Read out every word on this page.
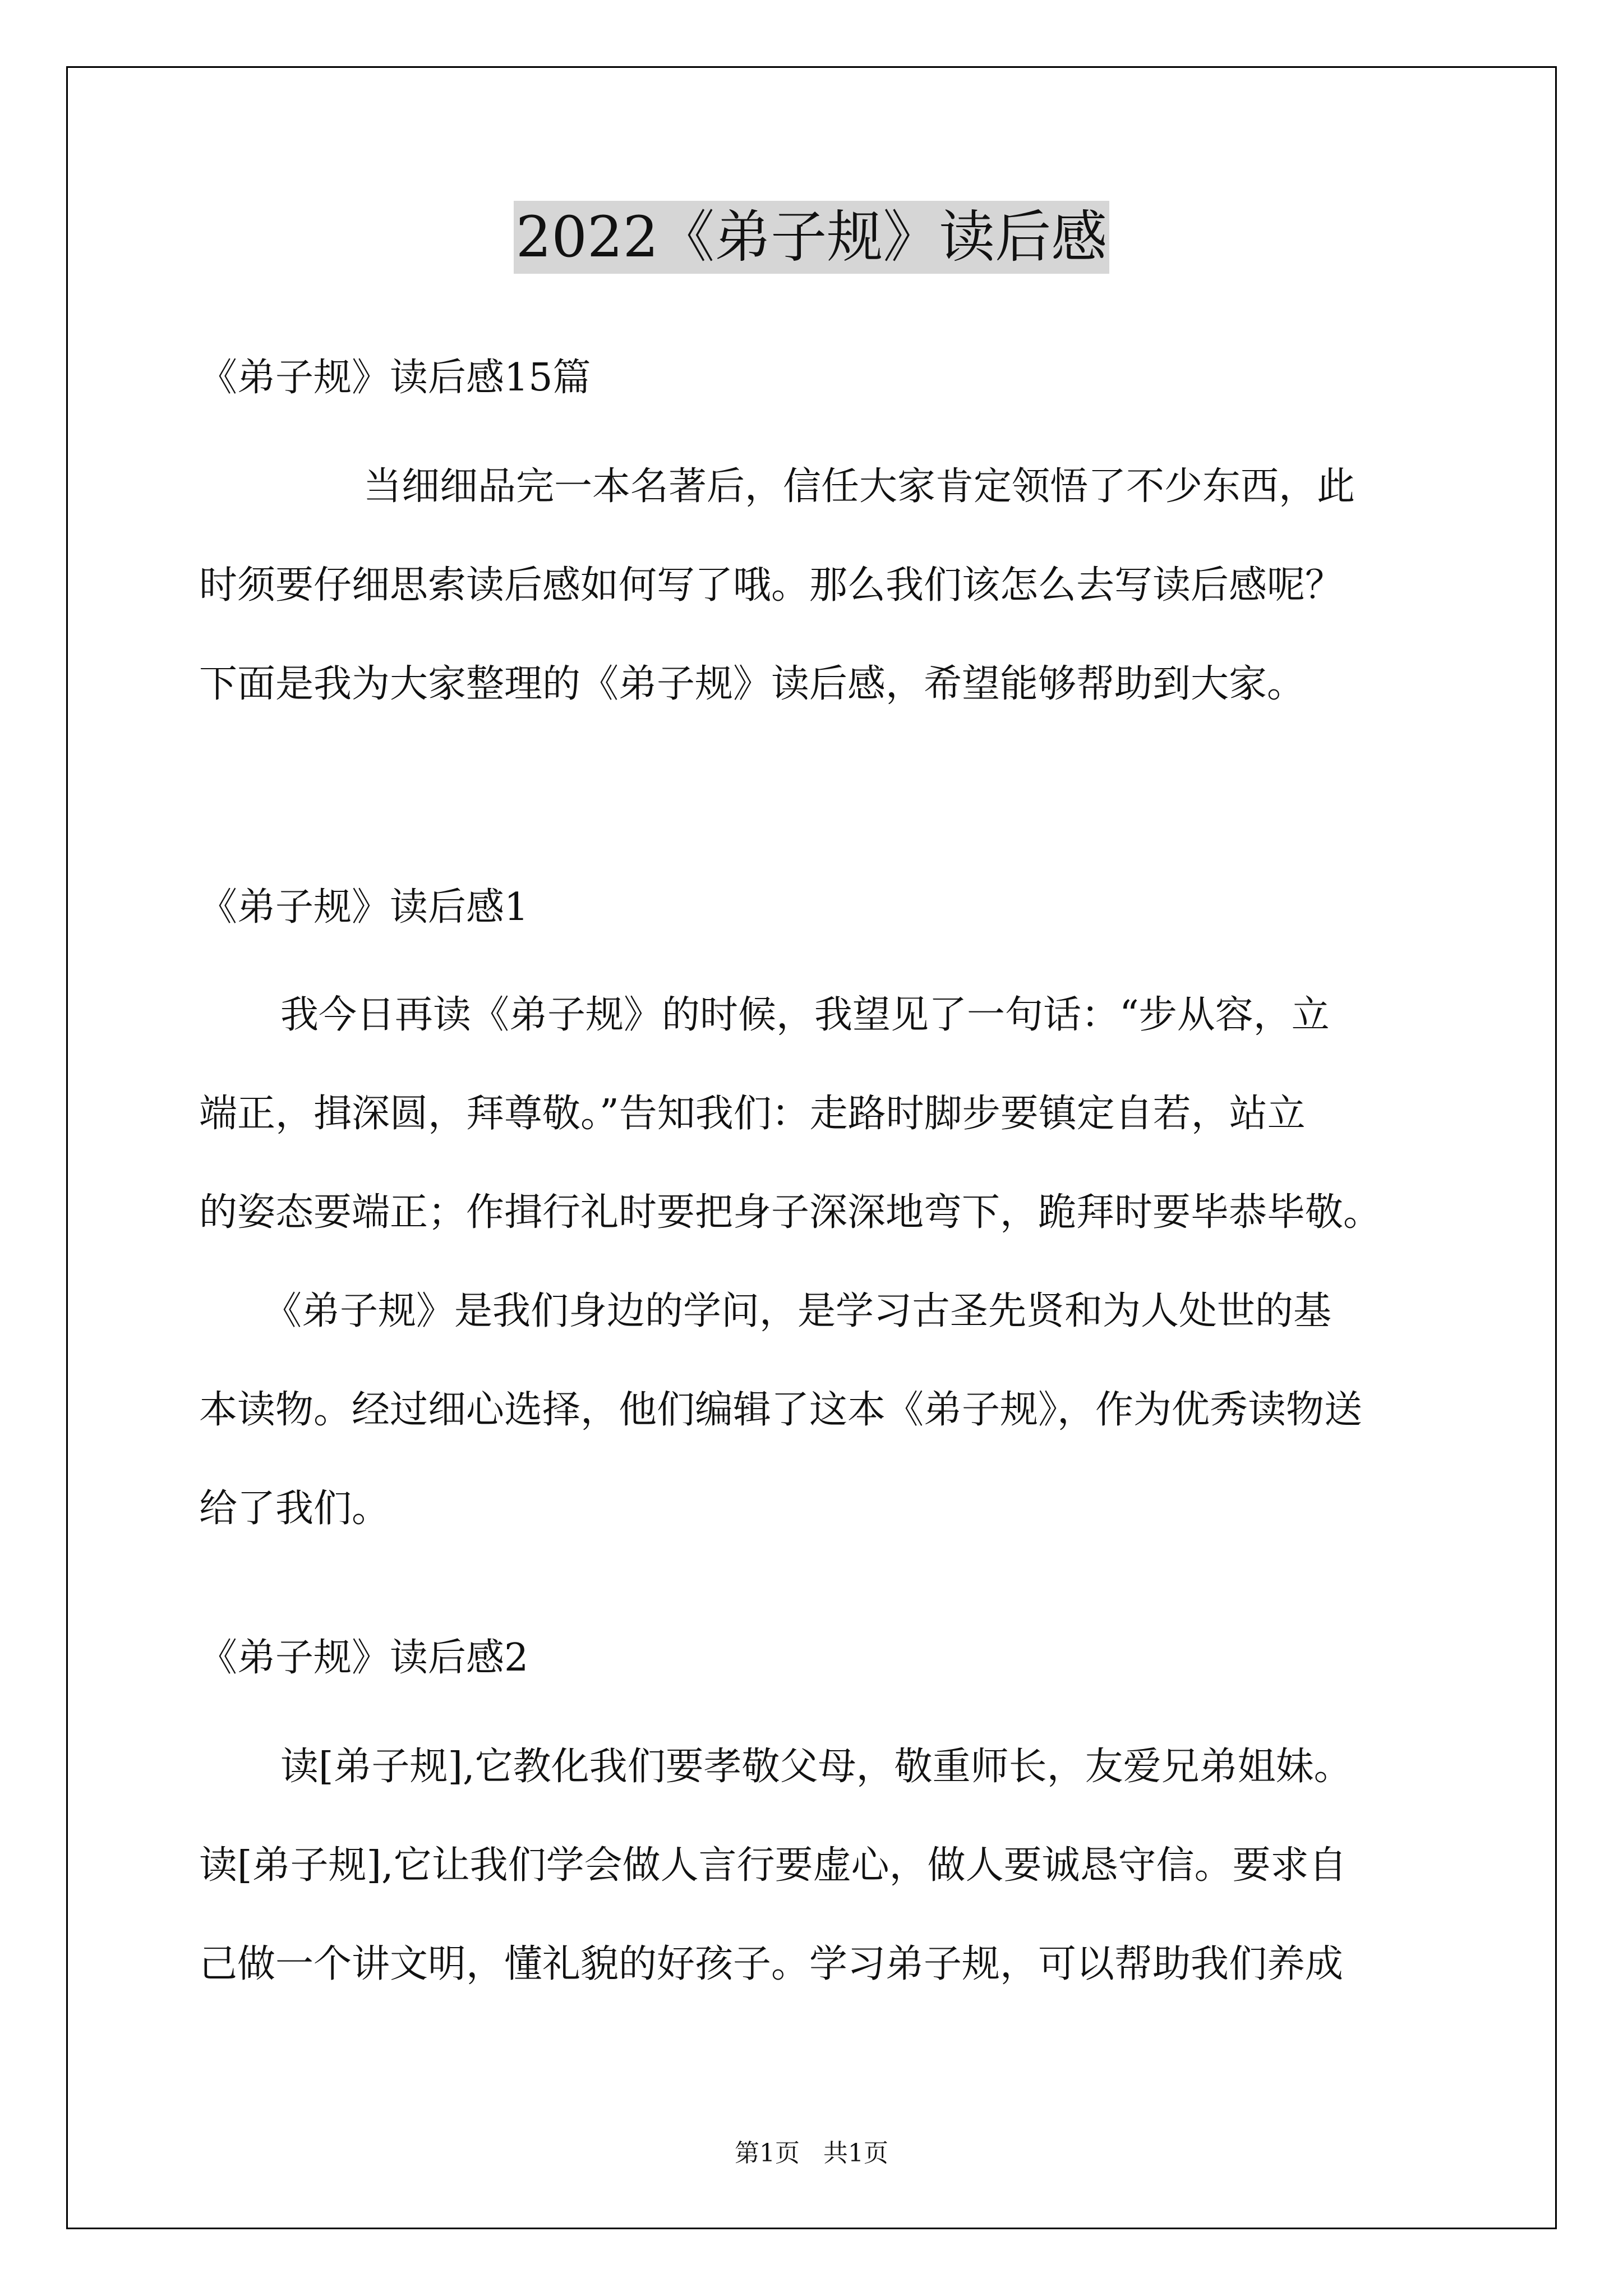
2022《弟子规》读后感
《弟子规》读后感15篇
当细细品完一本名著后，信任大家肯定领悟了不少东西，此
时须要仔细思索读后感如何写了哦。那么我们该怎么去写读后感呢？
下面是我为大家整理的《弟子规》读后感，希望能够帮助到大家。
《弟子规》读后感1
我今日再读《弟子规》的时候，我望见了一句话：“步从容，立
端正，揖深圆，拜尊敬。”告知我们：走路时脚步要镇定自若，站立
的姿态要端正；作揖行礼时要把身子深深地弯下，跪拜时要毕恭毕敬。
《弟子规》是我们身边的学问，是学习古圣先贤和为人处世的基
本读物。经过细心选择，他们编辑了这本《弟子规》，作为优秀读物送
给了我们。
《弟子规》读后感2
读[弟子规],它教化我们要孝敬父母，敬重师长，友爱兄弟姐妹。
读[弟子规],它让我们学会做人言行要虚心，做人要诚恳守信。要求自
己做一个讲文明，懂礼貌的好孩子。学习弟子规，可以帮助我们养成
第1页   共1页
